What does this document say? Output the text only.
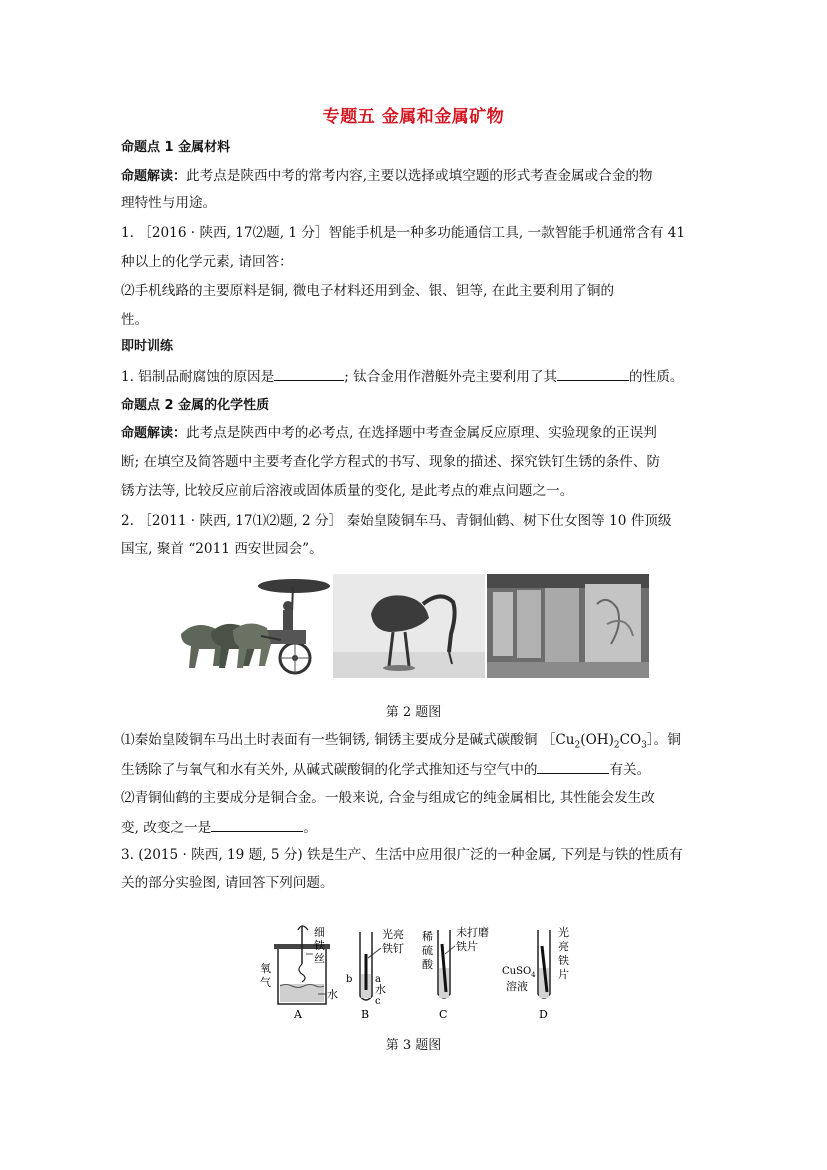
专题五 金属和金属矿物
命题点 1 金属材料
命题解读：此考点是陕西中考的常考内容,主要以选择或填空题的形式考查金属或合金的物
理特性与用途。
1. ［2016 · 陕西, 17⑵题, 1 分］智能手机是一种多功能通信工具, 一款智能手机通常含有 41
种以上的化学元素, 请回答：
⑵手机线路的主要原料是铜, 微电子材料还用到金、银、钽等, 在此主要利用了铜的
性。
即时训练
1. 铝制品耐腐蚀的原因是	; 钛合金用作潜艇外壳主要利用了其	的性质。
命题点 2 金属的化学性质
命题解读：此考点是陕西中考的必考点, 在选择题中考查金属反应原理、实验现象的正误判
断; 在填空及简答题中主要考查化学方程式的书写、现象的描述、探究铁钉生锈的条件、防
锈方法等, 比较反应前后溶液或固体质量的变化, 是此考点的难点问题之一。
2. ［2011 · 陕西, 17⑴⑵题, 2 分］ 秦始皇陵铜车马、青铜仙鹤、树下仕女图等 10 件顶级
国宝, 聚首 “2011 西安世园会”。
第 2 题图
⑴秦始皇陵铜车马出土时表面有一些铜锈, 铜锈主要成分是碱式碳酸铜 $[Cu_2(OH)_2CO_3]$。铜
生锈除了与氧气和水有关外, 从碱式碳酸铜的化学式推知还与空气中的	有关。
⑵青铜仙鹤的主要成分是铜合金。一般来说, 合金与组成它的纯金属相比, 其性能会发生改
变, 改变之一是	。
3. (2015 · 陕西, 19 题, 5 分) 铁是生产、生活中应用很广泛的一种金属, 下列是与铁的性质有
关的部分实验图, 请回答下列问题。
氧
气
细
铁
丝
水
A
b a
水
c
光亮
铁钉
B
稀
硫
酸
未打磨
铁片
C
CuSO$_4$
溶液
光
亮
铁
片
D
第 3 题图
